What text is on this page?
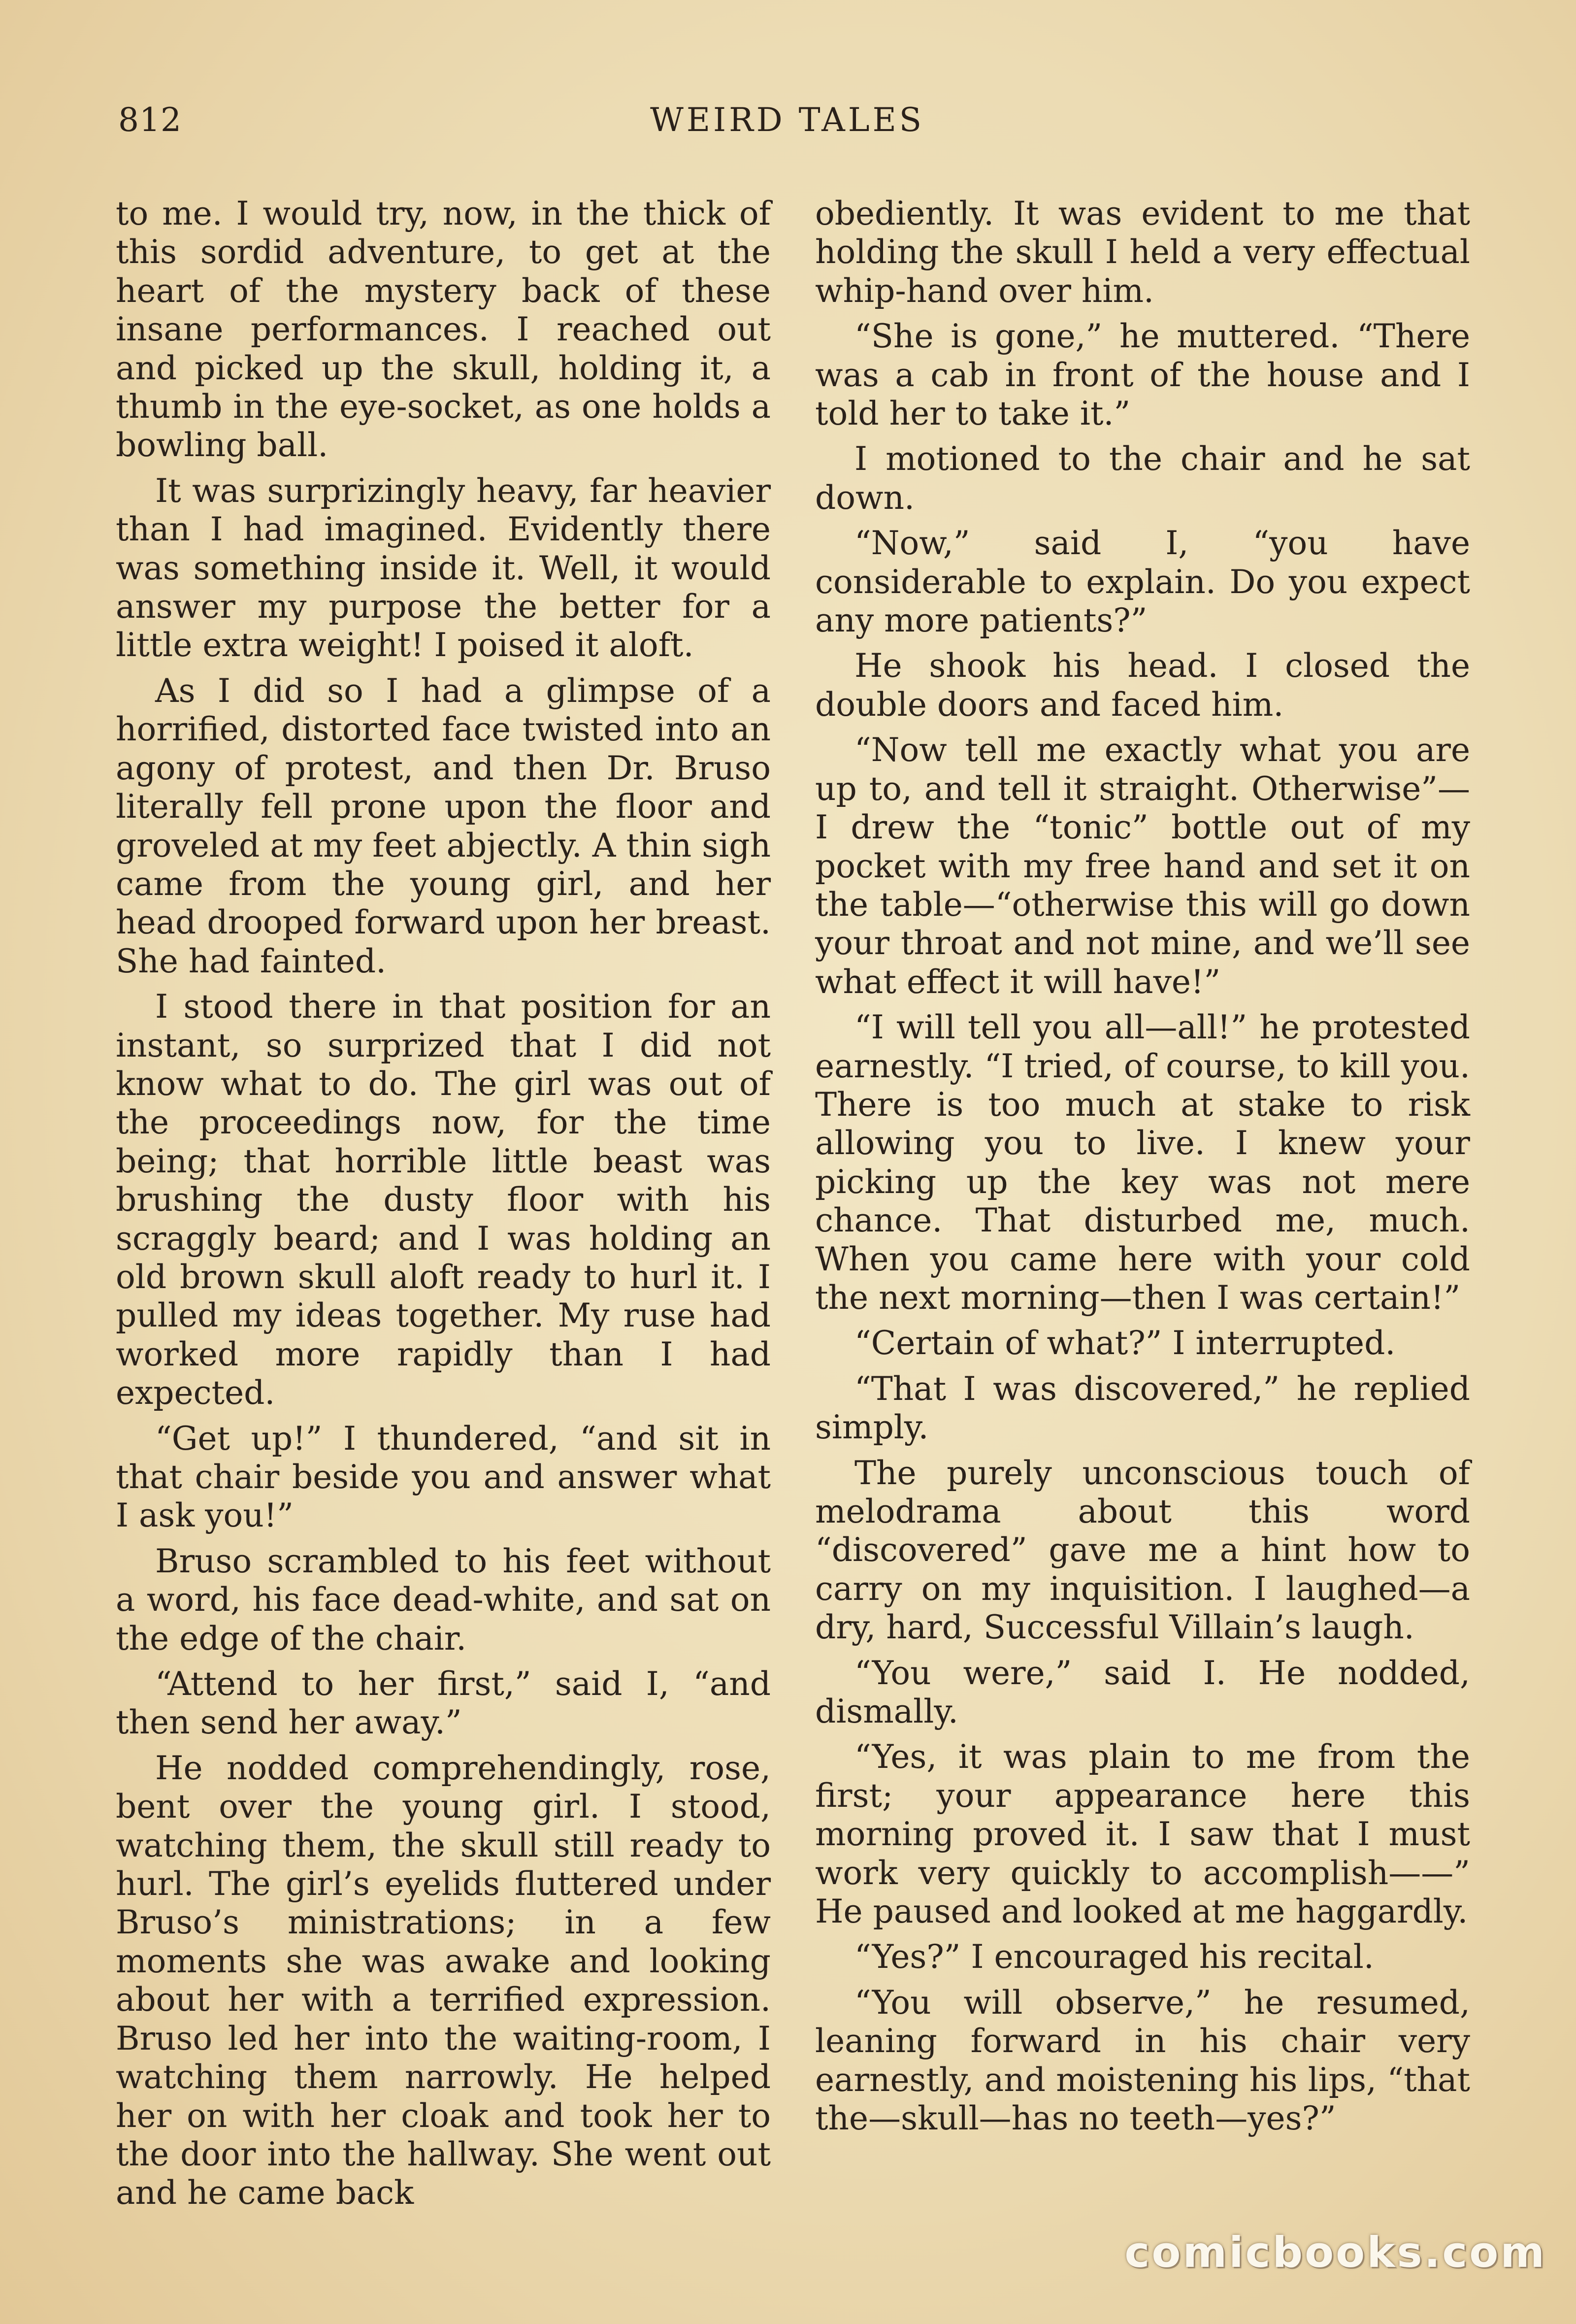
812	WEIRD TALES

to me. I would try, now, in the thick of this sordid adventure, to get at the heart of the mystery back of these insane performances. I reached out and picked up the skull, holding it, a thumb in the eye-socket, as one holds a bowling ball.

It was surprizingly heavy, far heavier than I had imagined. Evidently there was something inside it. Well, it would answer my purpose the better for a little extra weight! I poised it aloft.

As I did so I had a glimpse of a horrified, distorted face twisted into an agony of protest, and then Dr. Bruso literally fell prone upon the floor and groveled at my feet abjectly. A thin sigh came from the young girl, and her head drooped forward upon her breast. She had fainted.

I stood there in that position for an instant, so surprized that I did not know what to do. The girl was out of the proceedings now, for the time being; that horrible little beast was brushing the dusty floor with his scraggly beard; and I was holding an old brown skull aloft ready to hurl it. I pulled my ideas together. My ruse had worked more rapidly than I had expected.

“Get up!” I thundered, “and sit in that chair beside you and answer what I ask you!”

Bruso scrambled to his feet without a word, his face dead-white, and sat on the edge of the chair.

“Attend to her first,” said I, “and then send her away.”

He nodded comprehendingly, rose, bent over the young girl. I stood, watching them, the skull still ready to hurl. The girl’s eyelids fluttered under Bruso’s ministrations; in a few moments she was awake and looking about her with a terrified expression. Bruso led her into the waiting-room, I watching them narrowly. He helped her on with her cloak and took her to the door into the hallway. She went out and he came back

obediently. It was evident to me that holding the skull I held a very effectual whip-hand over him.

“She is gone,” he muttered. “There was a cab in front of the house and I told her to take it.”

I motioned to the chair and he sat down.

“Now,” said I, “you have considerable to explain. Do you expect any more patients?”

He shook his head. I closed the double doors and faced him.

“Now tell me exactly what you are up to, and tell it straight. Otherwise”—I drew the “tonic” bottle out of my pocket with my free hand and set it on the table—“otherwise this will go down your throat and not mine, and we’ll see what effect it will have!”

“I will tell you all—all!” he protested earnestly. “I tried, of course, to kill you. There is too much at stake to risk allowing you to live. I knew your picking up the key was not mere chance. That disturbed me, much. When you came here with your cold the next morning—then I was certain!”

“Certain of what?” I interrupted.

“That I was discovered,” he replied simply.

The purely unconscious touch of melodrama about this word “discovered” gave me a hint how to carry on my inquisition. I laughed—a dry, hard, Successful Villain’s laugh.

“You were,” said I. He nodded, dismally.

“Yes, it was plain to me from the first; your appearance here this morning proved it. I saw that I must work very quickly to accomplish——” He paused and looked at me haggardly.

“Yes?” I encouraged his recital.

“You will observe,” he resumed, leaning forward in his chair very earnestly, and moistening his lips, “that the—skull—has no teeth—yes?”

comicbooks.com
